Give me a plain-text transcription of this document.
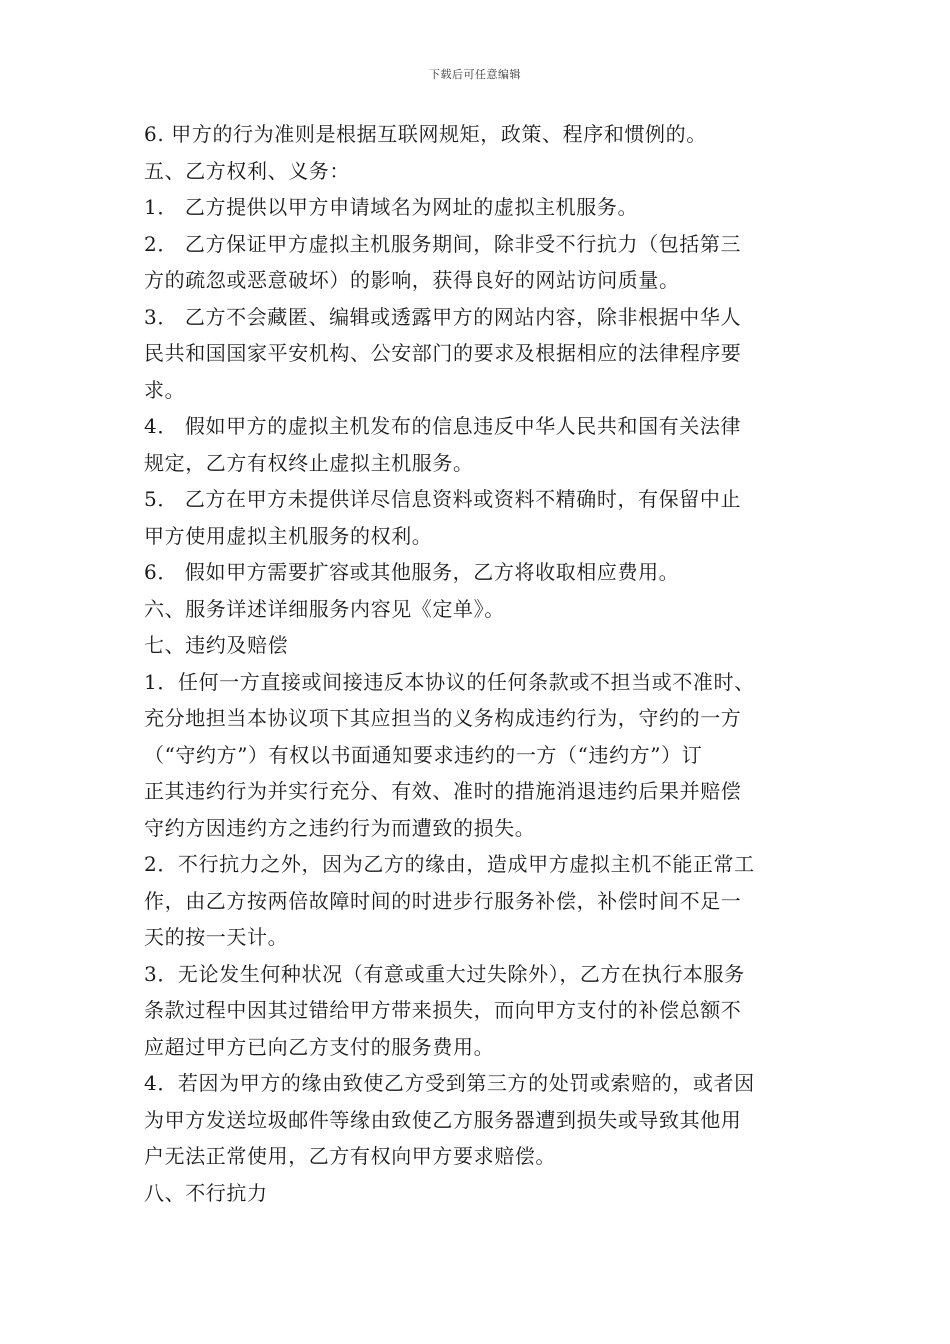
下载后可任意编辑
6. 甲方的行为准则是根据互联网规矩，政策、程序和惯例的。
五、乙方权利、义务：
1． 乙方提供以甲方申请域名为网址的虚拟主机服务。
2． 乙方保证甲方虚拟主机服务期间，除非受不行抗力（包括第三
方的疏忽或恶意破坏）的影响，获得良好的网站访问质量。
3． 乙方不会藏匿、编辑或透露甲方的网站内容，除非根据中华人
民共和国国家平安机构、公安部门的要求及根据相应的法律程序要
求。
4． 假如甲方的虚拟主机发布的信息违反中华人民共和国有关法律
规定，乙方有权终止虚拟主机服务。
5． 乙方在甲方未提供详尽信息资料或资料不精确时，有保留中止
甲方使用虚拟主机服务的权利。
6． 假如甲方需要扩容或其他服务，乙方将收取相应费用。
六、服务详述详细服务内容见《定单》。
七、违约及赔偿
1．任何一方直接或间接违反本协议的任何条款或不担当或不准时、
充分地担当本协议项下其应担当的义务构成违约行为，守约的一方
（“守约方”）有权以书面通知要求违约的一方（“违约方”）订
正其违约行为并实行充分、有效、准时的措施消退违约后果并赔偿
守约方因违约方之违约行为而遭致的损失。
2．不行抗力之外，因为乙方的缘由，造成甲方虚拟主机不能正常工
作，由乙方按两倍故障时间的时进步行服务补偿，补偿时间不足一
天的按一天计。
3．无论发生何种状况（有意或重大过失除外），乙方在执行本服务
条款过程中因其过错给甲方带来损失，而向甲方支付的补偿总额不
应超过甲方已向乙方支付的服务费用。
4．若因为甲方的缘由致使乙方受到第三方的处罚或索赔的，或者因
为甲方发送垃圾邮件等缘由致使乙方服务器遭到损失或导致其他用
户无法正常使用，乙方有权向甲方要求赔偿。
八、不行抗力
